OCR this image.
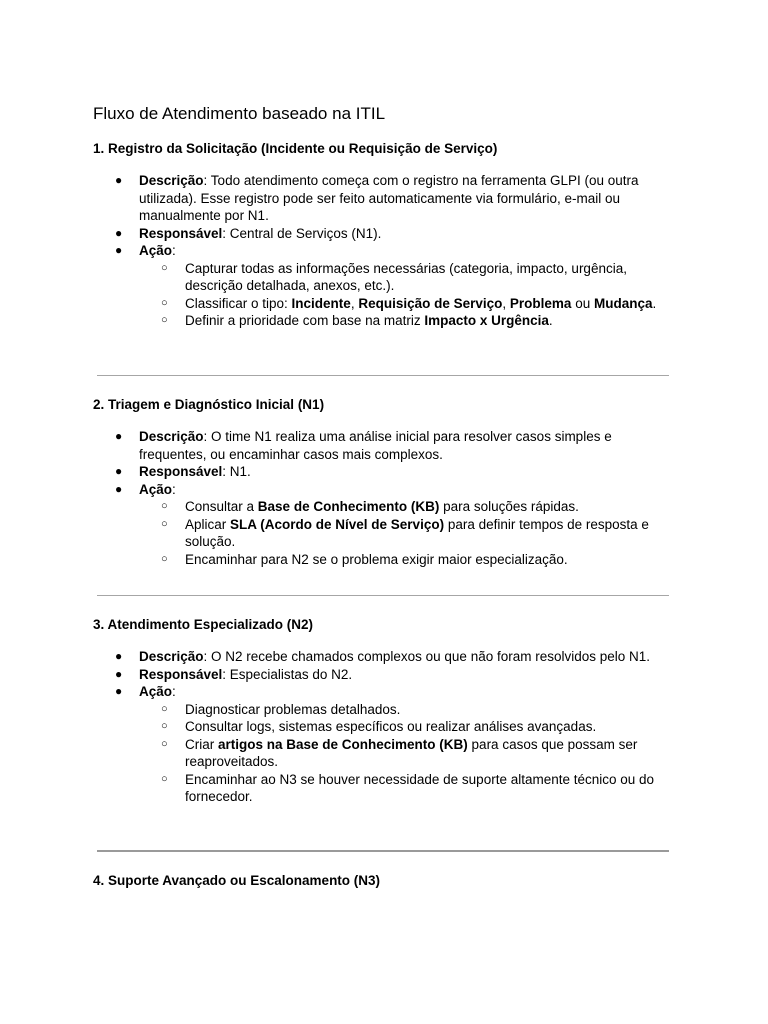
Fluxo de Atendimento baseado na ITIL
1. Registro da Solicitação (Incidente ou Requisição de Serviço)
● Descrição: Todo atendimento começa com o registro na ferramenta GLPI (ou outra utilizada). Esse registro pode ser feito automaticamente via formulário, e-mail ou manualmente por N1.
● Responsável: Central de Serviços (N1).
● Ação:
○ Capturar todas as informações necessárias (categoria, impacto, urgência, descrição detalhada, anexos, etc.).
○ Classificar o tipo: Incidente, Requisição de Serviço, Problema ou Mudança.
○ Definir a prioridade com base na matriz Impacto x Urgência.
2. Triagem e Diagnóstico Inicial (N1)
● Descrição: O time N1 realiza uma análise inicial para resolver casos simples e frequentes, ou encaminhar casos mais complexos.
● Responsável: N1.
● Ação:
○ Consultar a Base de Conhecimento (KB) para soluções rápidas.
○ Aplicar SLA (Acordo de Nível de Serviço) para definir tempos de resposta e solução.
○ Encaminhar para N2 se o problema exigir maior especialização.
3. Atendimento Especializado (N2)
● Descrição: O N2 recebe chamados complexos ou que não foram resolvidos pelo N1.
● Responsável: Especialistas do N2.
● Ação:
○ Diagnosticar problemas detalhados.
○ Consultar logs, sistemas específicos ou realizar análises avançadas.
○ Criar artigos na Base de Conhecimento (KB) para casos que possam ser reaproveitados.
○ Encaminhar ao N3 se houver necessidade de suporte altamente técnico ou do fornecedor.
4. Suporte Avançado ou Escalonamento (N3)
